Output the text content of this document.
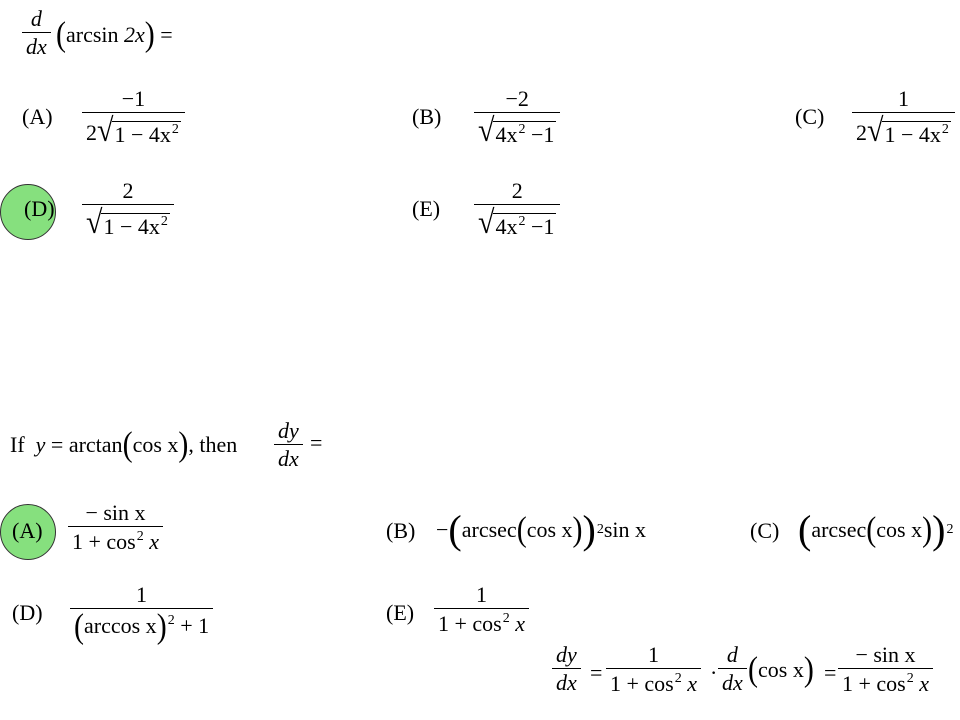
d
dx ( arcsin
2x )
=
(A)
−1
2 √ $1 - 4x^2$
(B)
−2
√ $4x^2 -1$
(C)
1
2 √ $1 - 4x^2$
(D)
2
√ $1 - 4x^2$
(E)
2
√ $4x^2 -1$
If
y
= arctan ( cos x ) , then
dy
dx
=
(A)
− sin x
$1 + \cos^2 x$	(B) − ( arcsec ( cos x ) ) 2 sin x	(C) ( arcsec ( cos x ) ) 2
(D)
1
(arccos x)$^2$ + 1
(E)
1
$1 + \cos^2 x$
dy
dx =
1
$1 + \cos^2 x$ ·
d
dx ( cos x ) =
− sin x
$1 + \cos^2 x$
